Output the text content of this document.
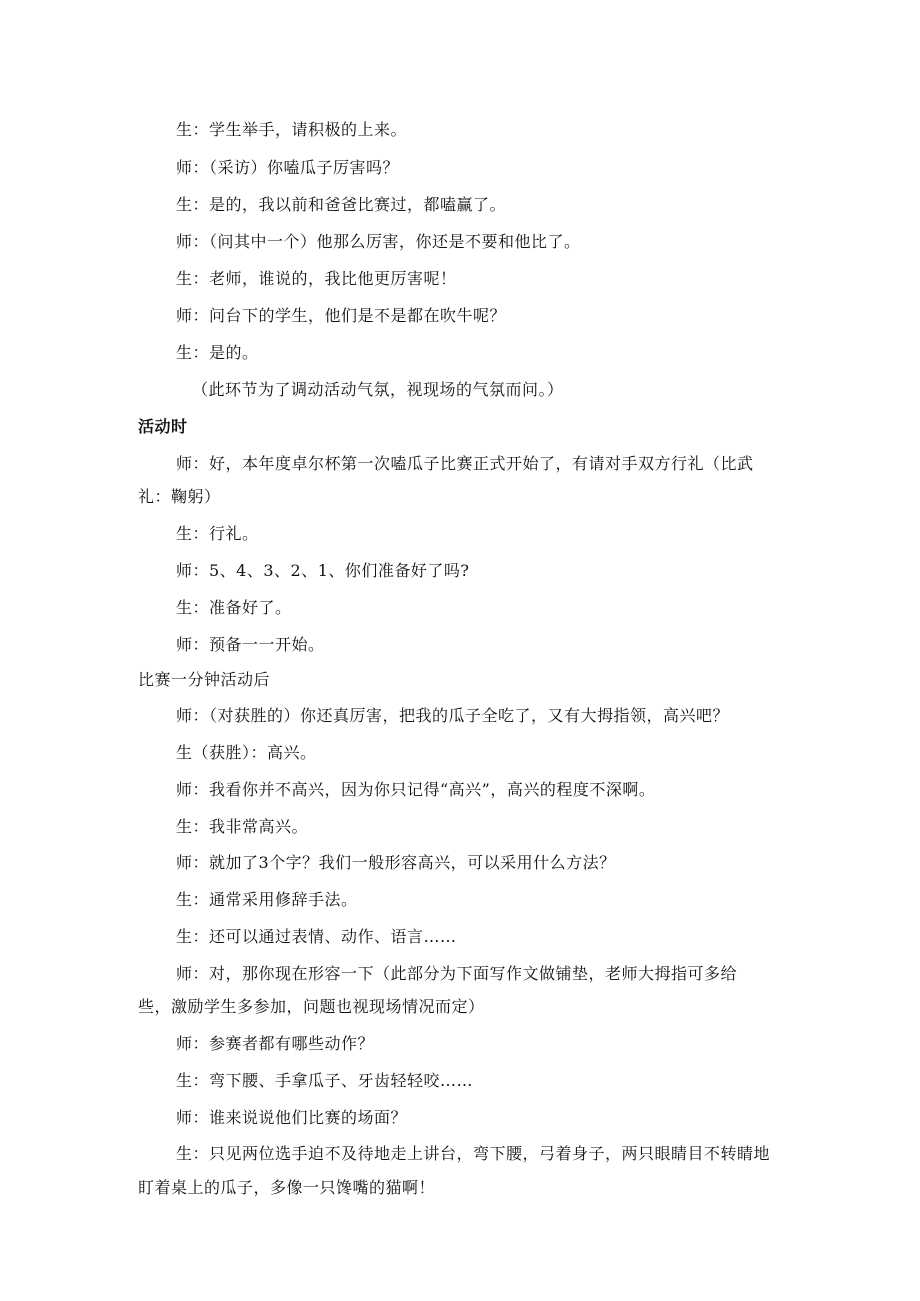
生：学生举手，请积极的上来。
师：（采访）你嗑瓜子厉害吗？
生：是的，我以前和爸爸比赛过，都嗑赢了。
师：（问其中一个）他那么厉害，你还是不要和他比了。
生：老师，谁说的，我比他更厉害呢！
师：问台下的学生，他们是不是都在吹牛呢？
生：是的。
（此环节为了调动活动气氛，视现场的气氛而问。）
活动时
师：好，本年度卓尔杯第一次嗑瓜子比赛正式开始了，有请对手双方行礼（比武
礼：鞠躬）
生：行礼。
师：5、4、3、2、1、你们准备好了吗?
生：准备好了。
师：预备一一开始。
比赛一分钟活动后
师：（对获胜的）你还真厉害，把我的瓜子全吃了，又有大拇指领，高兴吧？
生（获胜）：高兴。
师：我看你并不高兴，因为你只记得“高兴”，高兴的程度不深啊。
生：我非常高兴。
师：就加了3个字？我们一般形容高兴，可以采用什么方法？
生：通常采用修辞手法。
生：还可以通过表情、动作、语言……
师：对，那你现在形容一下（此部分为下面写作文做铺垫，老师大拇指可多给
些，激励学生多参加，问题也视现场情况而定）
师：参赛者都有哪些动作？
生：弯下腰、手拿瓜子、牙齿轻轻咬……
师：谁来说说他们比赛的场面？
生：只见两位选手迫不及待地走上讲台，弯下腰，弓着身子，两只眼睛目不转睛地
盯着桌上的瓜子，多像一只馋嘴的猫啊！
